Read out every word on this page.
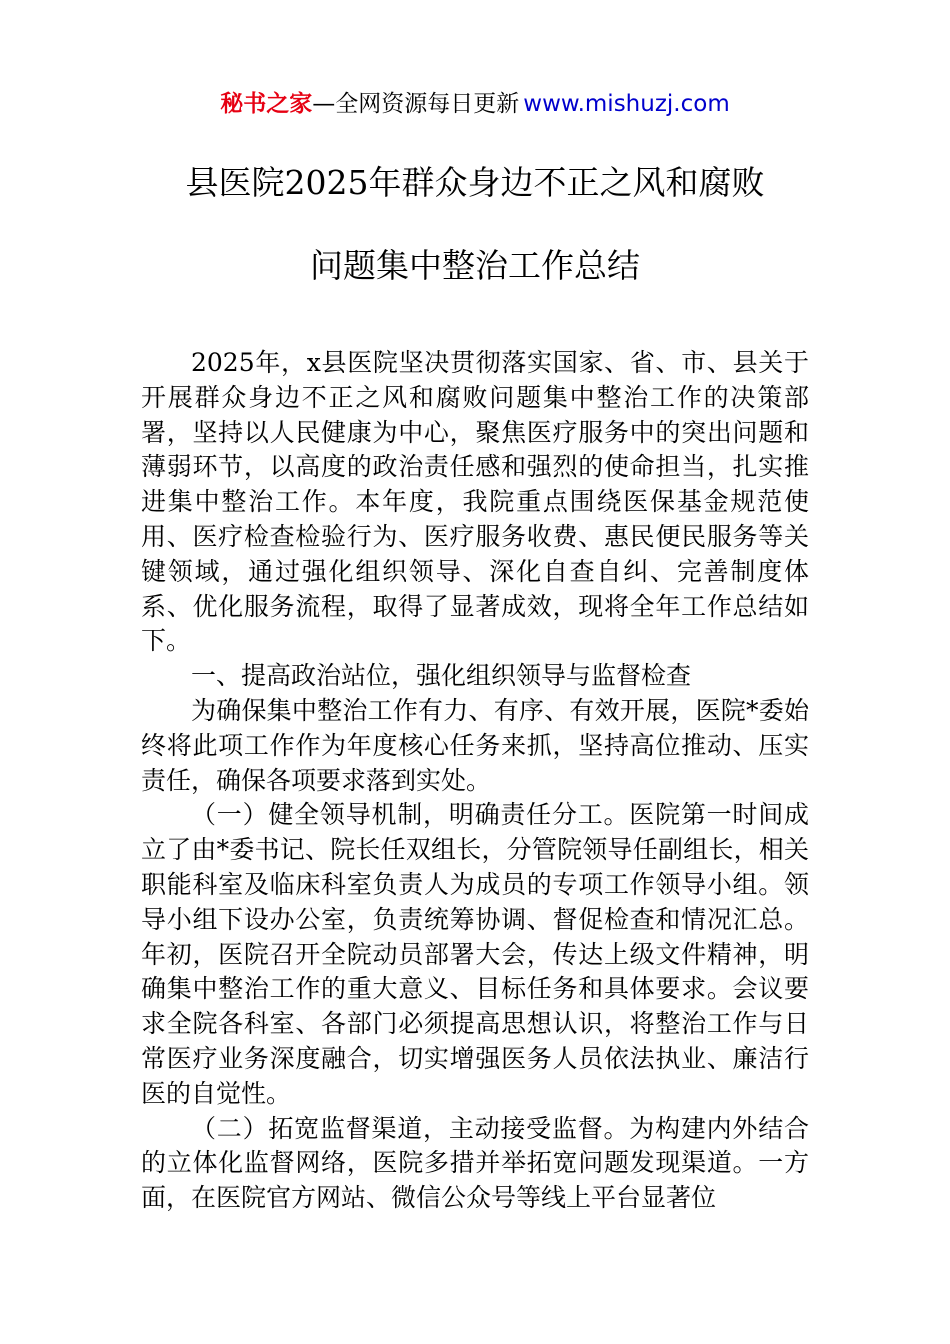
秘书之家—全网资源每日更新 www.mishuzj.com
县医院2025年群众身边不正之风和腐败
问题集中整治工作总结

2025年，x县医院坚决贯彻落实国家、省、市、县关于开展群众身边不正之风和腐败问题集中整治工作的决策部署，坚持以人民健康为中心，聚焦医疗服务中的突出问题和薄弱环节，以高度的政治责任感和强烈的使命担当，扎实推进集中整治工作。本年度，我院重点围绕医保基金规范使用、医疗检查检验行为、医疗服务收费、惠民便民服务等关键领域，通过强化组织领导、深化自查自纠、完善制度体系、优化服务流程，取得了显著成效，现将全年工作总结如下。

一、提高政治站位，强化组织领导与监督检查

为确保集中整治工作有力、有序、有效开展，医院*委始终将此项工作作为年度核心任务来抓，坚持高位推动、压实责任，确保各项要求落到实处。

（一）健全领导机制，明确责任分工。医院第一时间成立了由*委书记、院长任双组长，分管院领导任副组长，相关职能科室及临床科室负责人为成员的专项工作领导小组。领导小组下设办公室，负责统筹协调、督促检查和情况汇总。年初，医院召开全院动员部署大会，传达上级文件精神，明确集中整治工作的重大意义、目标任务和具体要求。会议要求全院各科室、各部门必须提高思想认识，将整治工作与日常医疗业务深度融合，切实增强医务人员依法执业、廉洁行医的自觉性。

（二）拓宽监督渠道，主动接受监督。为构建内外结合的立体化监督网络，医院多措并举拓宽问题发现渠道。一方面，在医院官方网站、微信公众号等线上平台显著位
